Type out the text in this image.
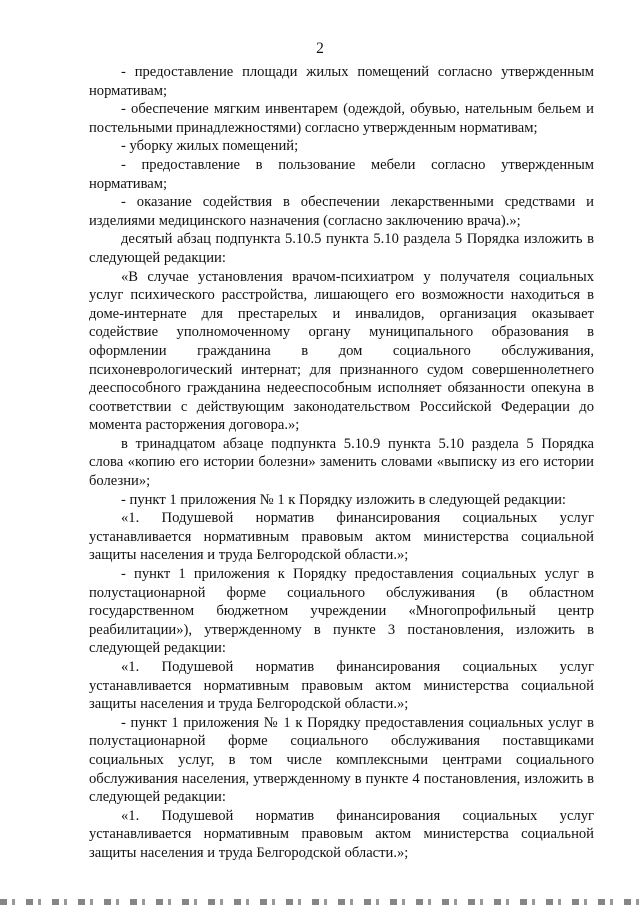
2

- предоставление площади жилых помещений согласно утвержденным нормативам;

- обеспечение мягким инвентарем (одеждой, обувью, нательным бельем и постельными принадлежностями) согласно утвержденным нормативам;

- уборку жилых помещений;

- предоставление в пользование мебели согласно утвержденным нормативам;

- оказание содействия в обеспечении лекарственными средствами и изделиями медицинского назначения (согласно заключению врача).»;

десятый абзац подпункта 5.10.5 пункта 5.10 раздела 5 Порядка изложить в следующей редакции:

«В случае установления врачом-психиатром у получателя социальных услуг психического расстройства, лишающего его возможности находиться в доме-интернате для престарелых и инвалидов, организация оказывает содействие уполномоченному органу муниципального образования в оформлении гражданина в дом социального обслуживания, психоневрологический интернат; для признанного судом совершеннолетнего дееспособного гражданина недееспособным исполняет обязанности опекуна в соответствии с действующим законодательством Российской Федерации до момента расторжения договора.»;

в тринадцатом абзаце подпункта 5.10.9 пункта 5.10 раздела 5 Порядка слова «копию его истории болезни» заменить словами «выписку из его истории болезни»;

- пункт 1 приложения № 1 к Порядку изложить в следующей редакции:

«1. Подушевой норматив финансирования социальных услуг устанавливается нормативным правовым актом министерства социальной защиты населения и труда Белгородской области.»;

- пункт 1 приложения к Порядку предоставления социальных услуг в полустационарной форме социального обслуживания (в областном государственном бюджетном учреждении «Многопрофильный центр реабилитации»), утвержденному в пункте 3 постановления, изложить в следующей редакции:

«1. Подушевой норматив финансирования социальных услуг устанавливается нормативным правовым актом министерства социальной защиты населения и труда Белгородской области.»;

- пункт 1 приложения № 1 к Порядку предоставления социальных услуг в полустационарной форме социального обслуживания поставщиками социальных услуг, в том числе комплексными центрами социального обслуживания населения, утвержденному в пункте 4 постановления, изложить в следующей редакции:

«1. Подушевой норматив финансирования социальных услуг устанавливается нормативным правовым актом министерства социальной защиты населения и труда Белгородской области.»;
